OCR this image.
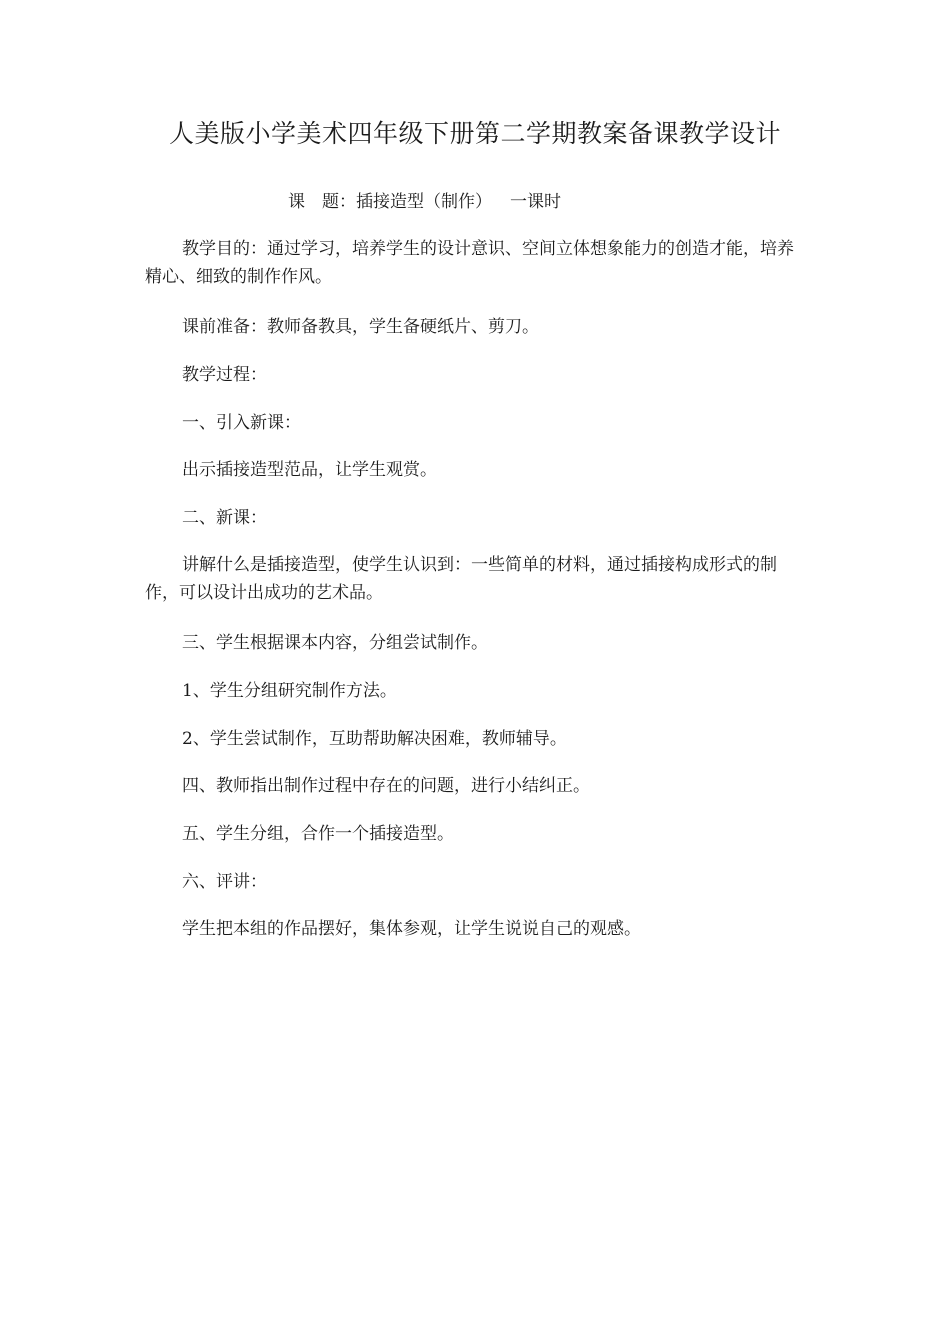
人美版小学美术四年级下册第二学期教案备课教学设计
课　题：插接造型（制作） 一课时

教学目的：通过学习，培养学生的设计意识、空间立体想象能力的创造才能，培养精心、细致的制作作风。

课前准备：教师备教具，学生备硬纸片、剪刀。

教学过程：

一、引入新课：

出示插接造型范品，让学生观赏。

二、新课：

讲解什么是插接造型，使学生认识到：一些简单的材料，通过插接构成形式的制作，可以设计出成功的艺术品。

三、学生根据课本内容，分组尝试制作。

1、学生分组研究制作方法。

2、学生尝试制作，互助帮助解决困难，教师辅导。

四、教师指出制作过程中存在的问题，进行小结纠正。

五、学生分组，合作一个插接造型。

六、评讲：

学生把本组的作品摆好，集体参观，让学生说说自己的观感。
